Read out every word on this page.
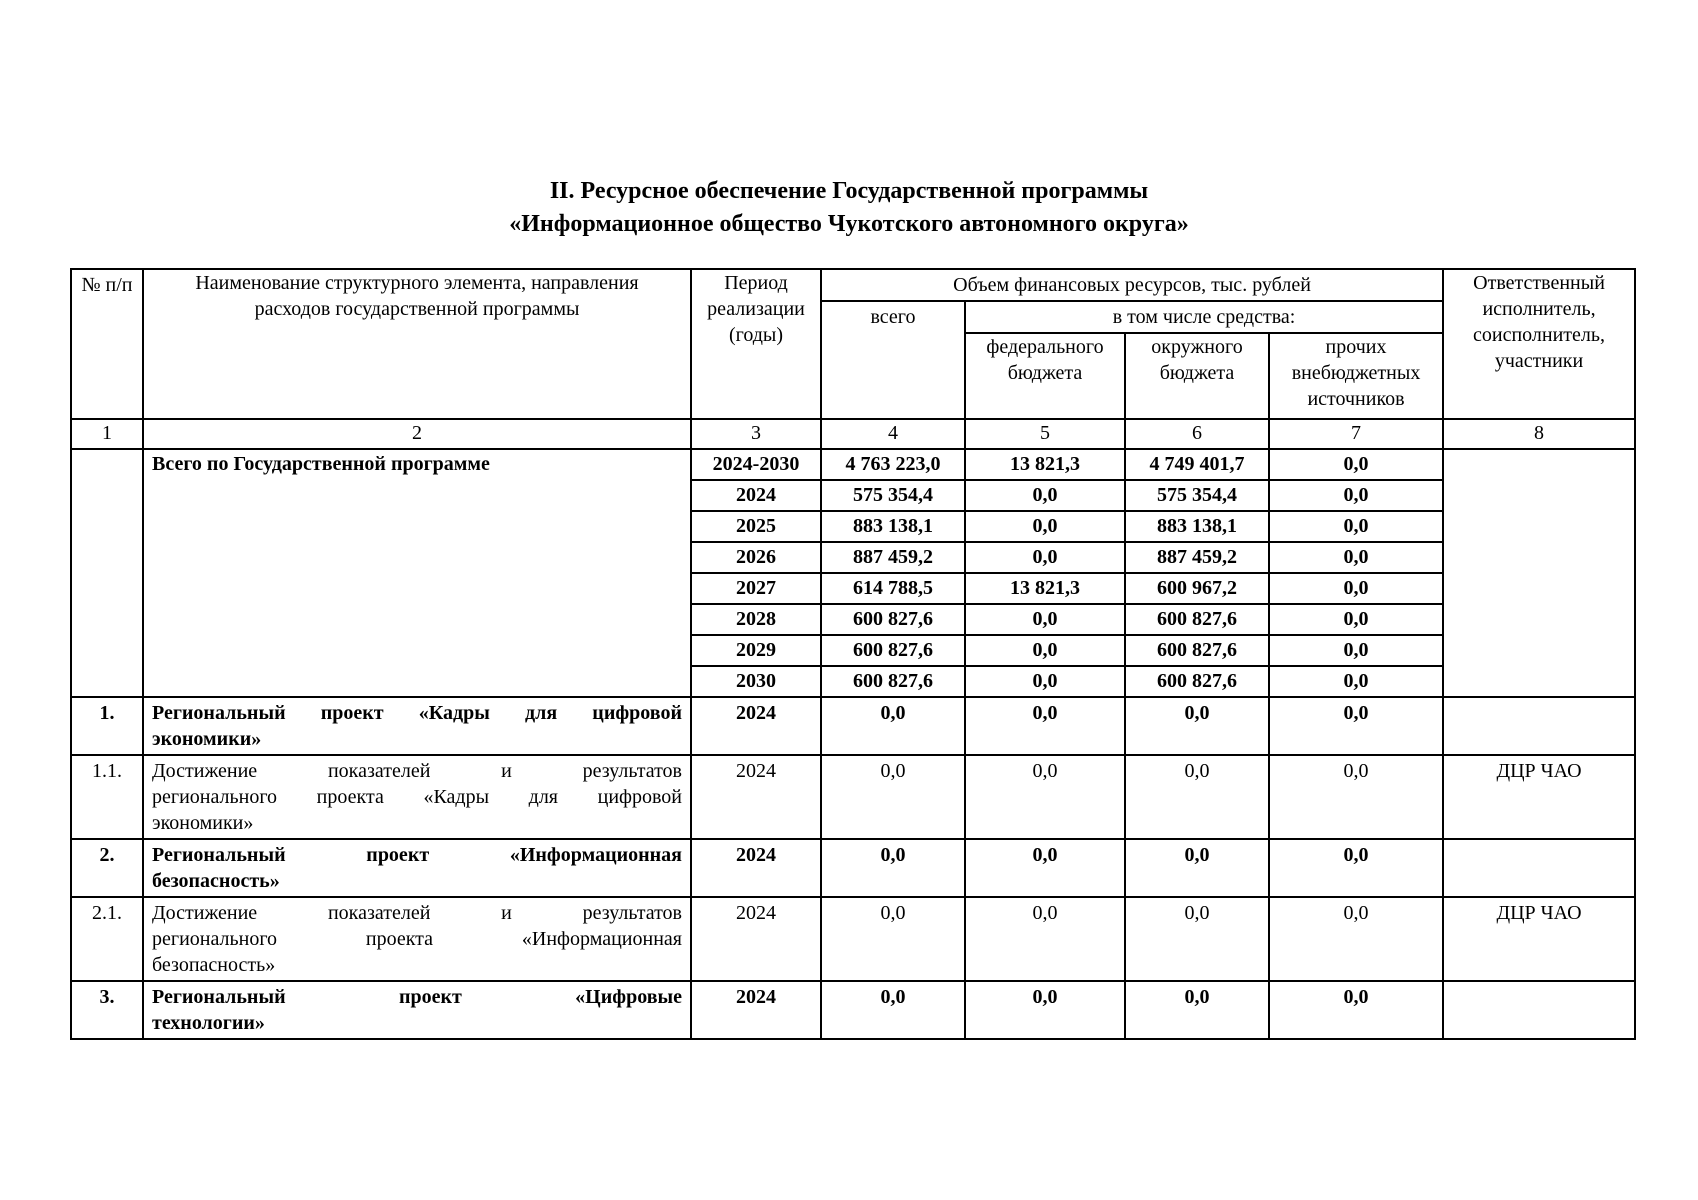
II. Ресурсное обеспечение Государственной программы
«Информационное общество Чукотского автономного округа»
№ п/п	Наименование структурного элемента, направления расходов государственной программы	Период реализации (годы)	Объем финансовых ресурсов, тыс. рублей				Ответственный исполнитель, соисполнитель, участники
			всего	в том числе средства:			
				федерального бюджета	окружного бюджета	прочих внебюджетных источников	
1	2	3	4	5	6	7	8
	Всего по Государственной программе	2024-2030	4 763 223,0	13 821,3	4 749 401,7	0,0	
		2024	575 354,4	0,0	575 354,4	0,0	
		2025	883 138,1	0,0	883 138,1	0,0	
		2026	887 459,2	0,0	887 459,2	0,0	
		2027	614 788,5	13 821,3	600 967,2	0,0	
		2028	600 827,6	0,0	600 827,6	0,0	
		2029	600 827,6	0,0	600 827,6	0,0	
		2030	600 827,6	0,0	600 827,6	0,0	
1.	Региональный проект «Кадры для цифровой
экономики»	2024	0,0	0,0	0,0	0,0	
1.1.	Достижение показателей и результатов
регионального проекта «Кадры для цифровой
экономики»	2024	0,0	0,0	0,0	0,0	ДЦР ЧАО
2.	Региональный проект «Информационная
безопасность»	2024	0,0	0,0	0,0	0,0	
2.1.	Достижение показателей и результатов
регионального проекта «Информационная
безопасность»	2024	0,0	0,0	0,0	0,0	ДЦР ЧАО
3.	Региональный проект «Цифровые
технологии»	2024	0,0	0,0	0,0	0,0	
